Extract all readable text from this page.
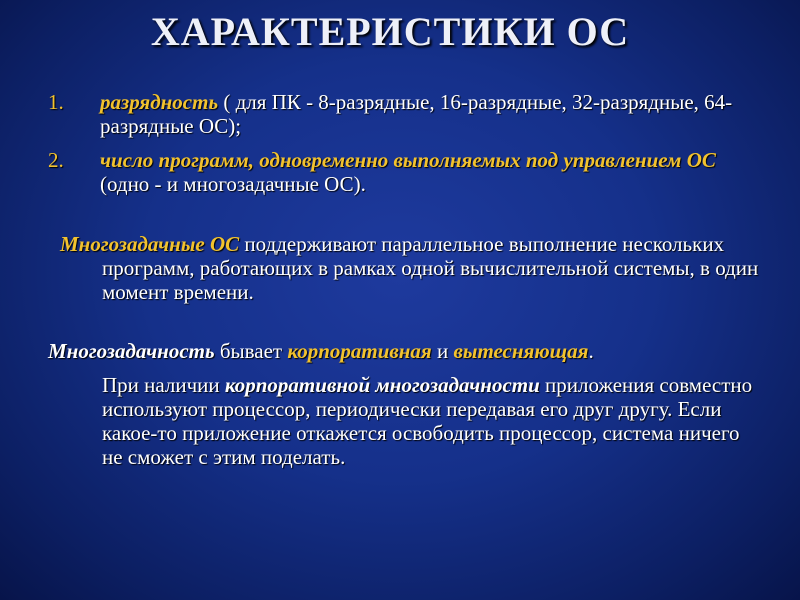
ХАРАКТЕРИСТИКИ ОС
1. разрядность ( для ПК - 8-разрядные, 16-разрядные, 32-разрядные, 64-разрядные ОС);
2. число программ, одновременно выполняемых под управлением ОС (одно - и многозадачные ОС).
Многозадачные ОС поддерживают параллельное выполнение нескольких программ, работающих в рамках одной вычислительной системы, в один момент времени.
Многозадачность бывает корпоративная и вытесняющая.
При наличии корпоративной многозадачности приложения совместно используют процессор, периодически передавая его друг другу. Если какое-то приложение откажется освободить процессор, система ничего не сможет с этим поделать.
